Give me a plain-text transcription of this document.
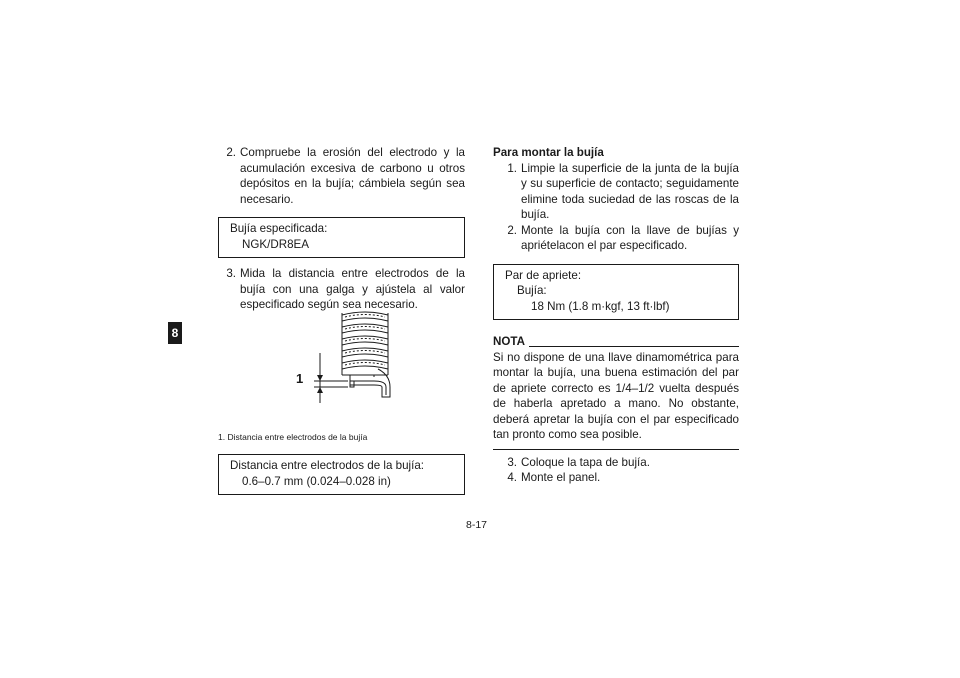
8
2. Compruebe la erosión del electrodo y la acumulación excesiva de carbono u otros depósitos en la bujía; cámbiela según sea necesario.
Bujía especificada:
NGK/DR8EA
3. Mida la distancia entre electrodos de la bujía con una galga y ajústela al valor especificado según sea necesario.
1
1. Distancia entre electrodos de la bujía
Distancia entre electrodos de la bujía:
0.6–0.7 mm (0.024–0.028 in)
Para montar la bujía
1. Limpie la superficie de la junta de la bujía y su superficie de contacto; seguidamente elimine toda suciedad de las roscas de la bujía.
2. Monte la bujía con la llave de bujías y apriételacon el par especificado.
Par de apriete:
Bujía:
18 Nm (1.8 m·kgf, 13 ft·lbf)
NOTA
Si no dispone de una llave dinamométrica para montar la bujía, una buena estimación del par de apriete correcto es 1/4–1/2 vuelta después de haberla apretado a mano. No obstante, deberá apretar la bujía con el par especificado tan pronto como sea posible.
3. Coloque la tapa de bujía.
4. Monte el panel.
8-17
